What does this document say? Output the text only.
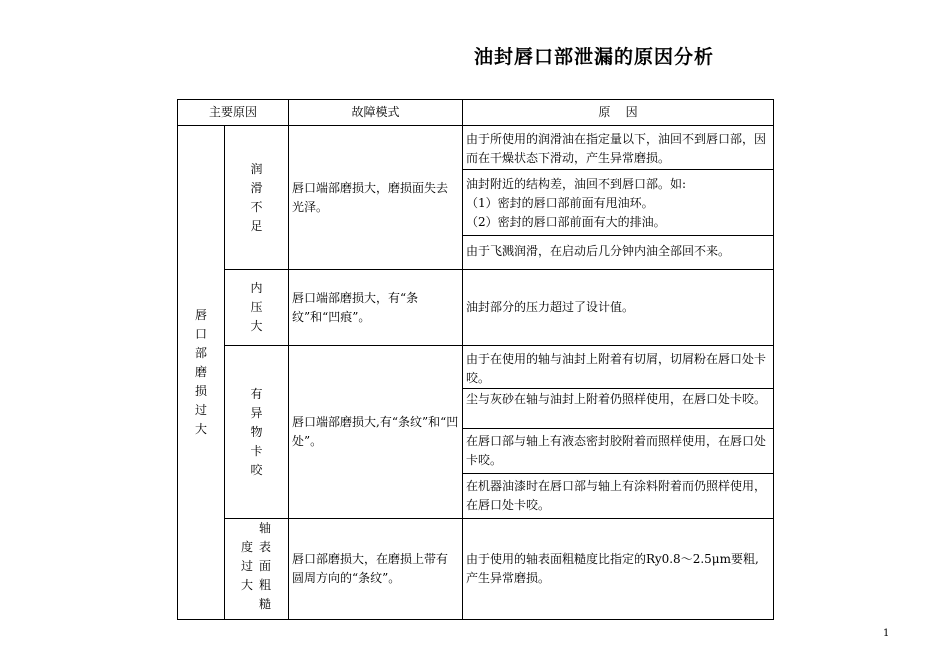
油封唇口部泄漏的原因分析
主要原因	故障模式	原    因
唇
口
部
磨
损
过
大
润
滑
不
足
唇口端部磨损大，磨损面失去光泽。
由于所使用的润滑油在指定量以下，油回不到唇口部，因而在干燥状态下滑动，产生异常磨损。
油封附近的结构差，油回不到唇口部。如:
（1）密封的唇口部前面有甩油环。
（2）密封的唇口部前面有大的排油。
由于飞溅润滑，在启动后几分钟内油全部回不来。
内
压
大
唇口端部磨损大，有“条纹”和“凹痕”。
油封部分的压力超过了设计值。
有
异
物
卡
咬
唇口端部磨损大,有“条纹”和“凹处”。
由于在使用的轴与油封上附着有切屑，切屑粉在唇口处卡咬。
尘与灰砂在轴与油封上附着仍照样使用，在唇口处卡咬。
在唇口部与轴上有液态密封胶附着而照样使用，在唇口处卡咬。
在机器油漆时在唇口部与轴上有涂料附着而仍照样使用，在唇口处卡咬。
度
过
大
轴
表
面
粗
糙
唇口部磨损大，在磨损上带有圆周方向的“条纹”。
由于使用的轴表面粗糙度比指定的Ry0.8～2.5μm要粗,产生异常磨损。
1
